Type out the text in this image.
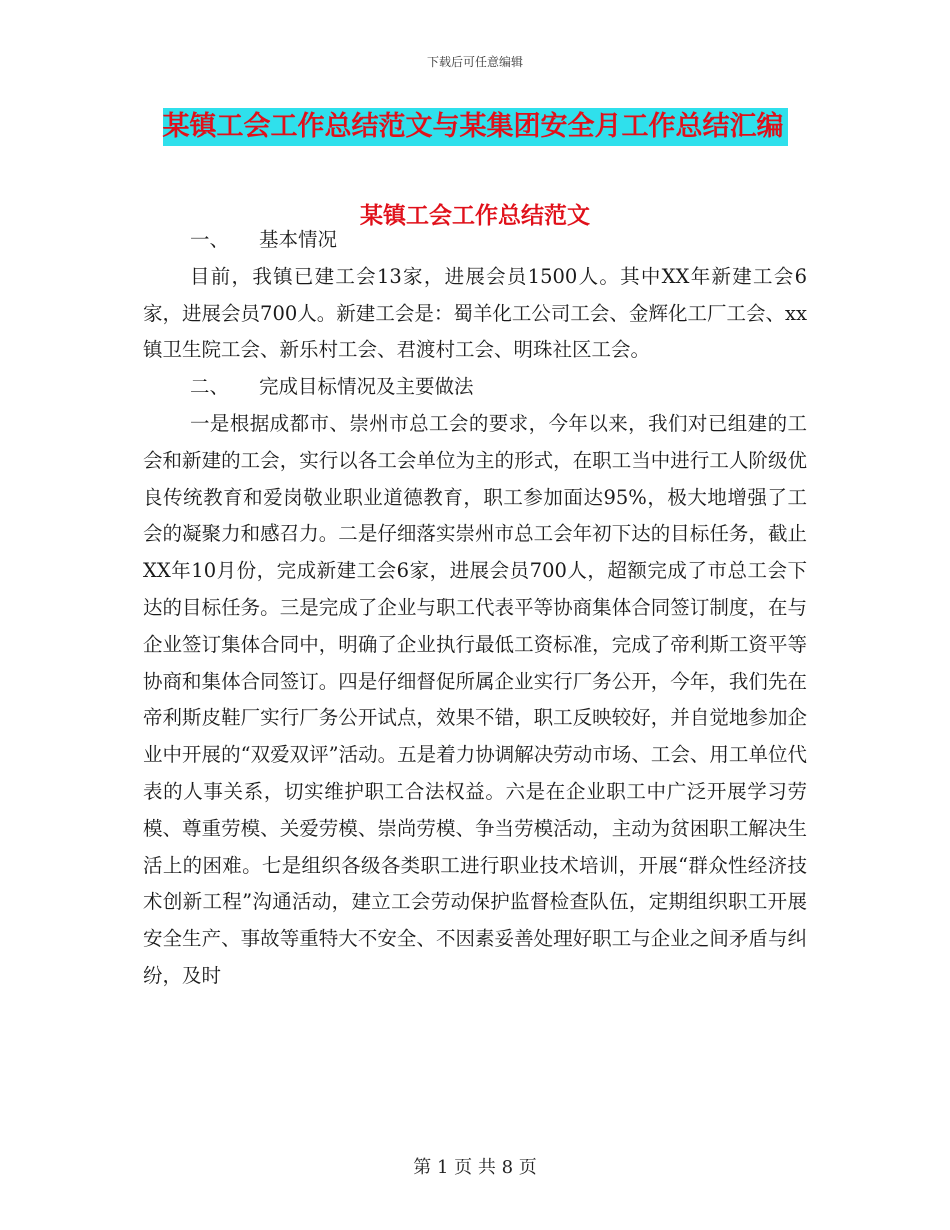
下载后可任意编辑
某镇工会工作总结范文与某集团安全月工作总结汇编
某镇工会工作总结范文

一、 基本情况

目前，我镇已建工会13家，进展会员1500人。其中XX年新建工会6 家，进展会员700人。新建工会是：蜀羊化工公司工会、金辉化工厂工会、xx镇卫生院工会、新乐村工会、君渡村工会、明珠社区工会。

二、 完成目标情况及主要做法

一是根据成都市、崇州市总工会的要求，今年以来，我们对已组建的工会和新建的工会，实行以各工会单位为主的形式，在职工当中进行工人阶级优良传统教育和爱岗敬业职业道德教育，职工参加面达95%，极大地增强了工会的凝聚力和感召力。二是仔细落实崇州市总工会年初下达的目标任务，截止XX年10月份，完成新建工会6家，进展会员700人，超额完成了市总工会下达的目标任务。三是完成了企业与职工代表平等协商集体合同签订制度，在与企业签订集体合同中，明确了企业执行最低工资标准，完成了帝利斯工资平等协商和集体合同签订。四是仔细督促所属企业实行厂务公开，今年，我们先在帝利斯皮鞋厂实行厂务公开试点，效果不错，职工反映较好，并自觉地参加企业中开展的“双爱双评”活动。五是着力协调解决劳动市场、工会、用工单位代表的人事关系，切实维护职工合法权益。六是在企业职工中广泛开展学习劳模、尊重劳模、关爱劳模、崇尚劳模、争当劳模活动，主动为贫困职工解决生活上的困难。七是组织各级各类职工进行职业技术培训，开展“群众性经济技术创新工程”沟通活动，建立工会劳动保护监督检查队伍，定期组织职工开展安全生产、事故等重特大不安全、不因素妥善处理好职工与企业之间矛盾与纠纷，及时

第 1 页 共 8 页
